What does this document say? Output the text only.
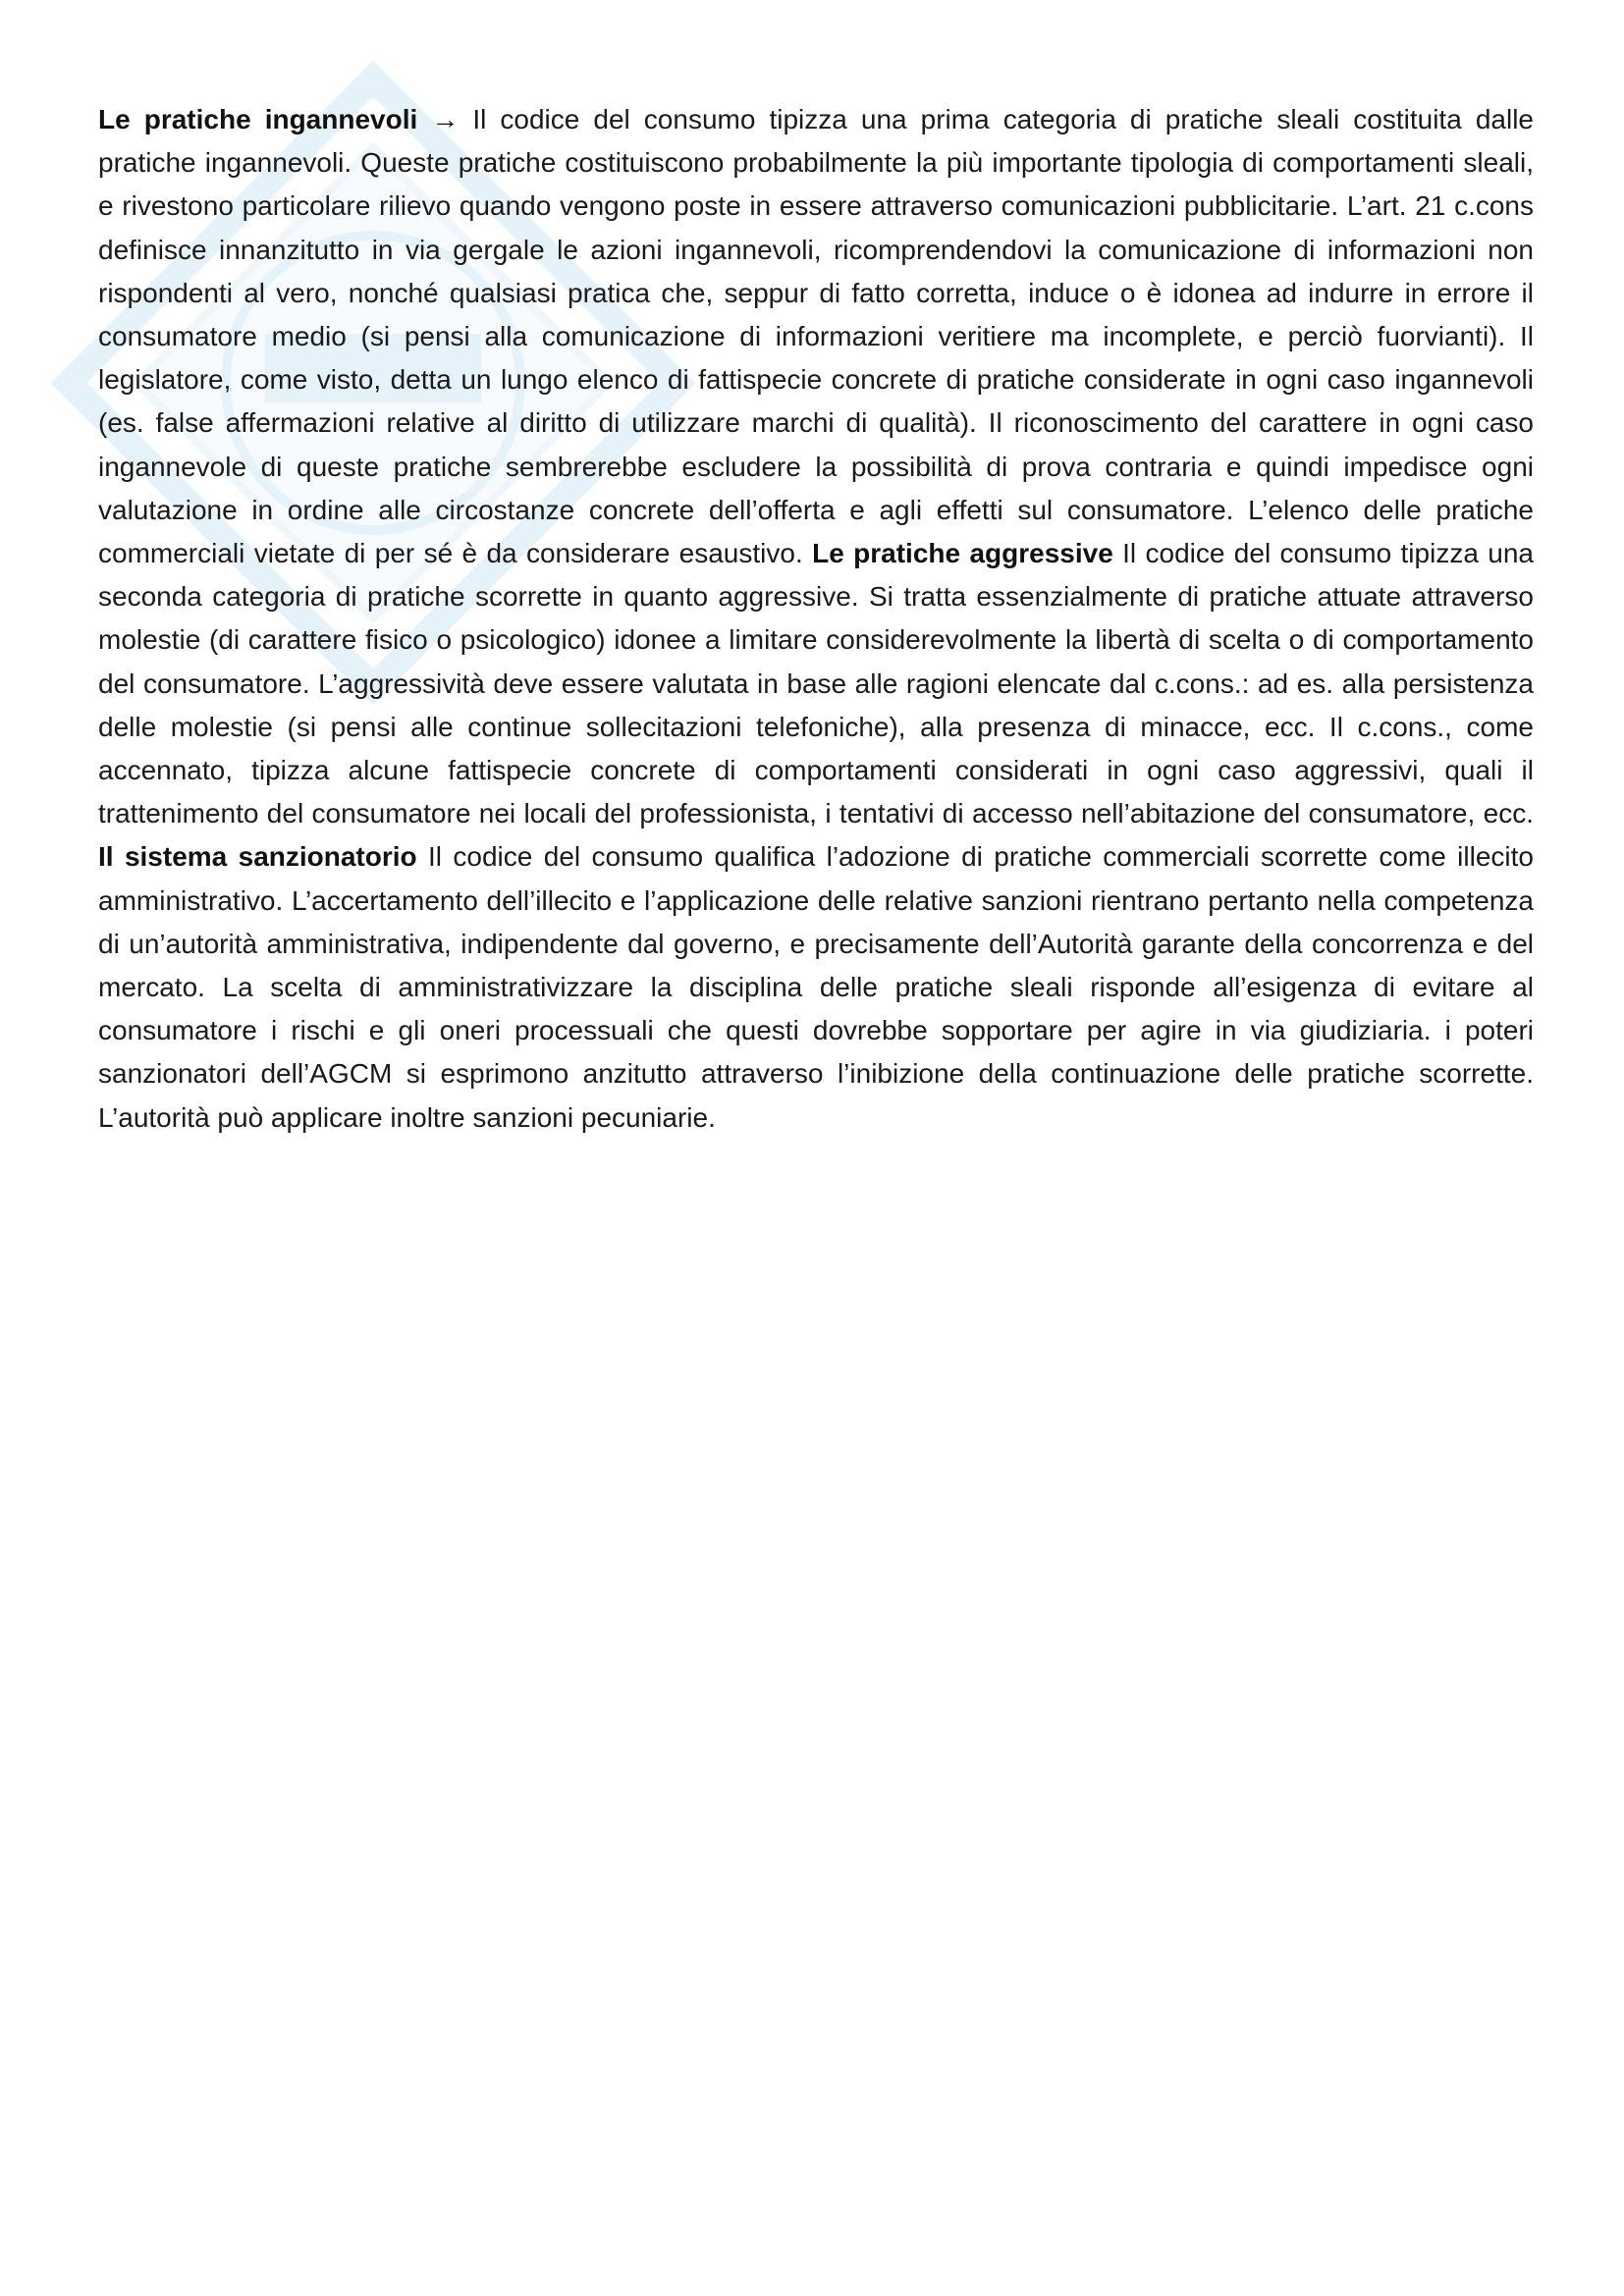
Le pratiche ingannevoli → Il codice del consumo tipizza una prima categoria di pratiche sleali costituita dalle pratiche ingannevoli. Queste pratiche costituiscono probabilmente la più importante tipologia di comportamenti sleali, e rivestono particolare rilievo quando vengono poste in essere attraverso comunicazioni pubblicitarie. L’art. 21 c.cons definisce innanzitutto in via gergale le azioni ingannevoli, ricomprendendovi la comunicazione di informazioni non rispondenti al vero, nonché qualsiasi pratica che, seppur di fatto corretta, induce o è idonea ad indurre in errore il consumatore medio (si pensi alla comunicazione di informazioni veritiere ma incomplete, e perciò fuorvianti). Il legislatore, come visto, detta un lungo elenco di fattispecie concrete di pratiche considerate in ogni caso ingannevoli (es. false affermazioni relative al diritto di utilizzare marchi di qualità). Il riconoscimento del carattere in ogni caso ingannevole di queste pratiche sembrerebbe escludere la possibilità di prova contraria e quindi impedisce ogni valutazione in ordine alle circostanze concrete dell’offerta e agli effetti sul consumatore. L’elenco delle pratiche commerciali vietate di per sé è da considerare esaustivo. Le pratiche aggressive Il codice del consumo tipizza una seconda categoria di pratiche scorrette in quanto aggressive. Si tratta essenzialmente di pratiche attuate attraverso molestie (di carattere fisico o psicologico) idonee a limitare considerevolmente la libertà di scelta o di comportamento del consumatore. L’aggressività deve essere valutata in base alle ragioni elencate dal c.cons.: ad es. alla persistenza delle molestie (si pensi alle continue sollecitazioni telefoniche), alla presenza di minacce, ecc. Il c.cons., come accennato, tipizza alcune fattispecie concrete di comportamenti considerati in ogni caso aggressivi, quali il trattenimento del consumatore nei locali del professionista, i tentativi di accesso nell’abitazione del consumatore, ecc. Il sistema sanzionatorio Il codice del consumo qualifica l’adozione di pratiche commerciali scorrette come illecito amministrativo. L’accertamento dell’illecito e l’applicazione delle relative sanzioni rientrano pertanto nella competenza di un’autorità amministrativa, indipendente dal governo, e precisamente dell’Autorità garante della concorrenza e del mercato. La scelta di amministrativizzare la disciplina delle pratiche sleali risponde all’esigenza di evitare al consumatore i rischi e gli oneri processuali che questi dovrebbe sopportare per agire in via giudiziaria. i poteri sanzionatori dell’AGCM si esprimono anzitutto attraverso l’inibizione della continuazione delle pratiche scorrette. L’autorità può applicare inoltre sanzioni pecuniarie.
